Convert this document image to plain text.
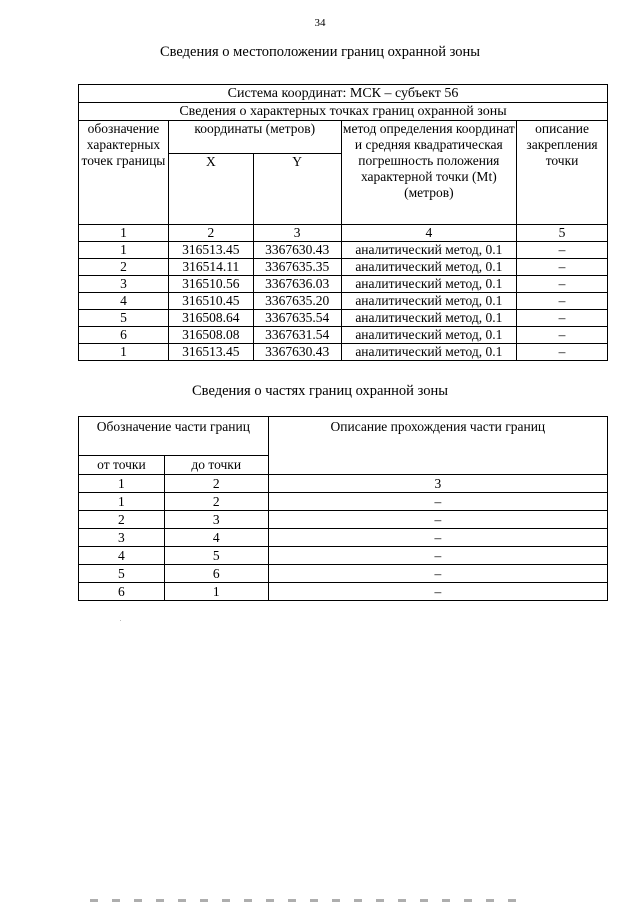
34
Сведения о местоположении границ охранной зоны
Система координат: МСК – субъект 56				
Сведения о характерных точках границ охранной зоны				
обозначение характерных точек границы	координаты (метров)		метод определения координат и средняя квадратическая погрешность положения характерной точки (Mt) (метров)	описание закрепления точки
	X	Y		
1	2	3	4	5
1	316513.45	3367630.43	аналитический метод, 0.1	–
2	316514.11	3367635.35	аналитический метод, 0.1	–
3	316510.56	3367636.03	аналитический метод, 0.1	–
4	316510.45	3367635.20	аналитический метод, 0.1	–
5	316508.64	3367635.54	аналитический метод, 0.1	–
6	316508.08	3367631.54	аналитический метод, 0.1	–
1	316513.45	3367630.43	аналитический метод, 0.1	–
Сведения о частях границ охранной зоны
Обозначение части границ		Описание прохождения части границ
от точки	до точки	
1	2	3
1	2	–
2	3	–
3	4	–
4	5	–
5	6	–
6	1	–
